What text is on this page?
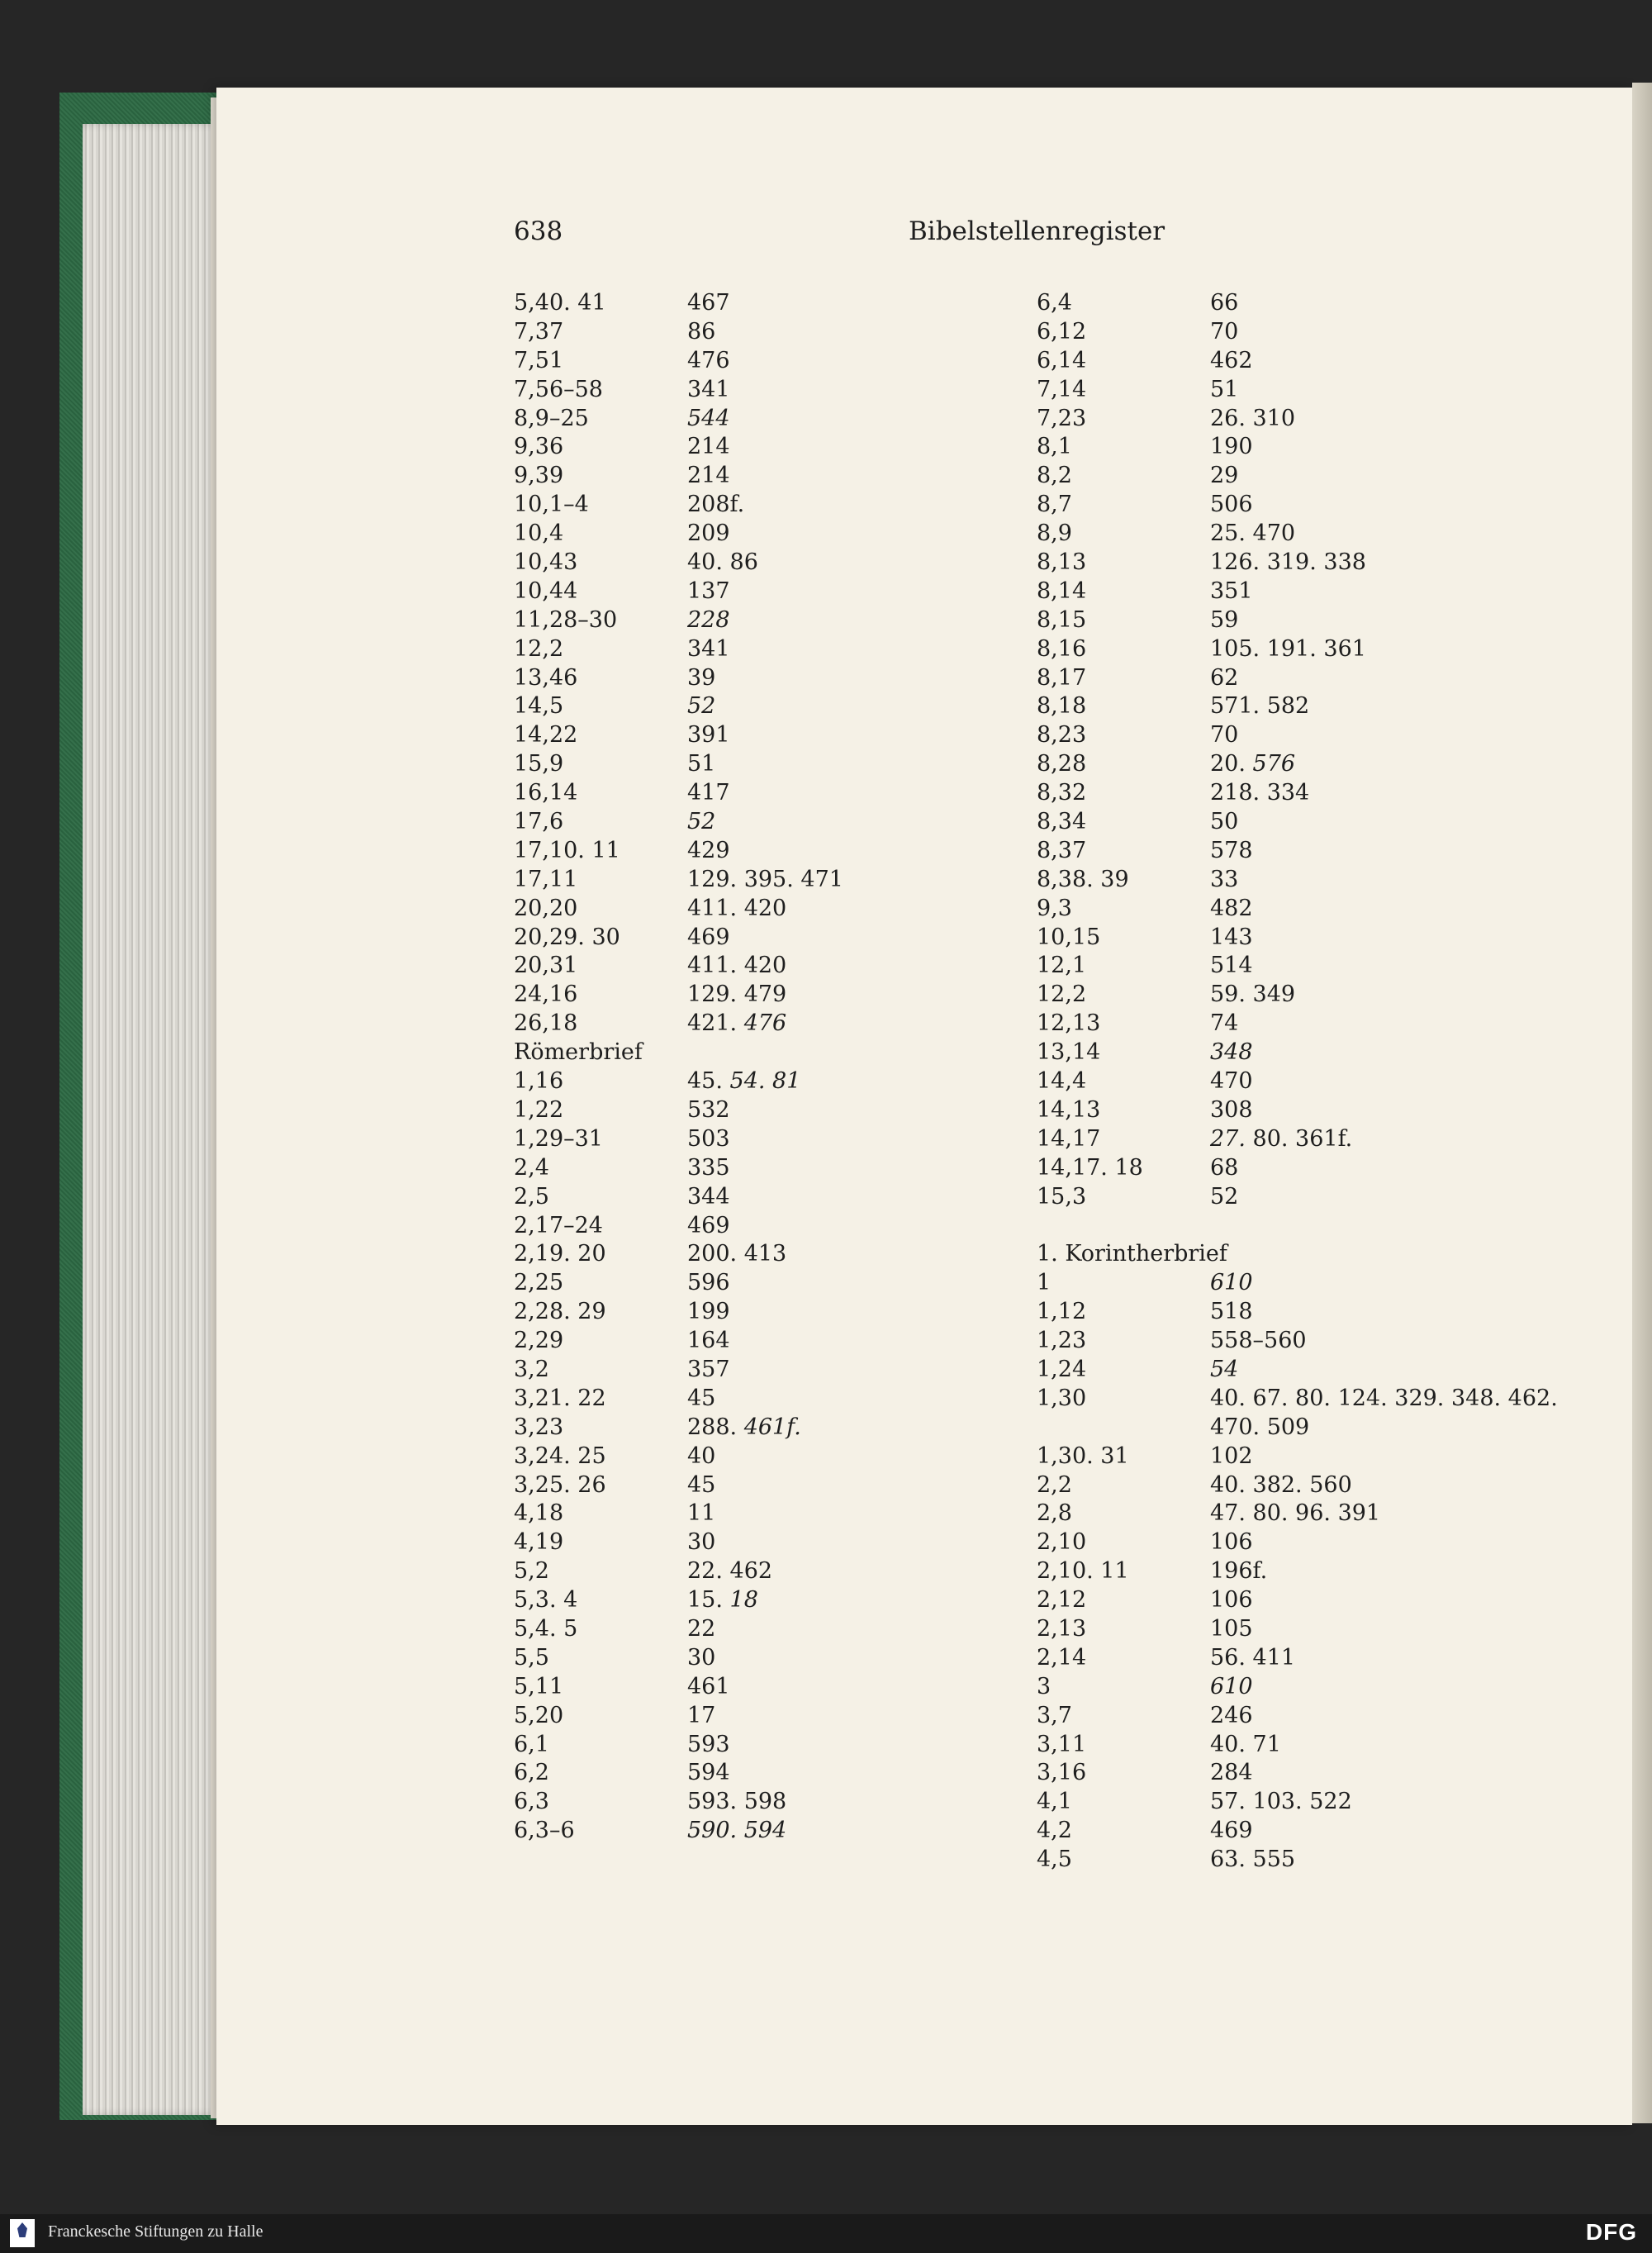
638	Bibelstellenregister
5,40. 41	467
7,37	86
7,51	476
7,56–58	341
8,9–25	544
9,36	214
9,39	214
10,1–4	208f.
10,4	209
10,43	40. 86
10,44	137
11,28–30	228
12,2	341
13,46	39
14,5	52
14,22	391
15,9	51
16,14	417
17,6	52
17,10. 11	429
17,11	129. 395. 471
20,20	411. 420
20,29. 30	469
20,31	411. 420
24,16	129. 479
26,18	421. 476
Römerbrief
1,16	45. 54. 81
1,22	532
1,29–31	503
2,4	335
2,5	344
2,17–24	469
2,19. 20	200. 413
2,25	596
2,28. 29	199
2,29	164
3,2	357
3,21. 22	45
3,23	288. 461f.
3,24. 25	40
3,25. 26	45
4,18	11
4,19	30
5,2	22. 462
5,3. 4	15. 18
5,4. 5	22
5,5	30
5,11	461
5,20	17
6,1	593
6,2	594
6,3	593. 598
6,3–6	590. 594
6,4	66
6,12	70
6,14	462
7,14	51
7,23	26. 310
8,1	190
8,2	29
8,7	506
8,9	25. 470
8,13	126. 319. 338
8,14	351
8,15	59
8,16	105. 191. 361
8,17	62
8,18	571. 582
8,23	70
8,28	20. 576
8,32	218. 334
8,34	50
8,37	578
8,38. 39	33
9,3	482
10,15	143
12,1	514
12,2	59. 349
12,13	74
13,14	348
14,4	470
14,13	308
14,17	27. 80. 361f.
14,17. 18	68
15,3	52
1. Korintherbrief
1	610
1,12	518
1,23	558–560
1,24	54
1,30	40. 67. 80. 124. 329. 348. 462.
470. 509
1,30. 31	102
2,2	40. 382. 560
2,8	47. 80. 96. 391
2,10	106
2,10. 11	196f.
2,12	106
2,13	105
2,14	56. 411
3	610
3,7	246
3,11	40. 71
3,16	284
4,1	57. 103. 522
4,2	469
4,5	63. 555
Franckesche Stiftungen zu Halle	DFG
